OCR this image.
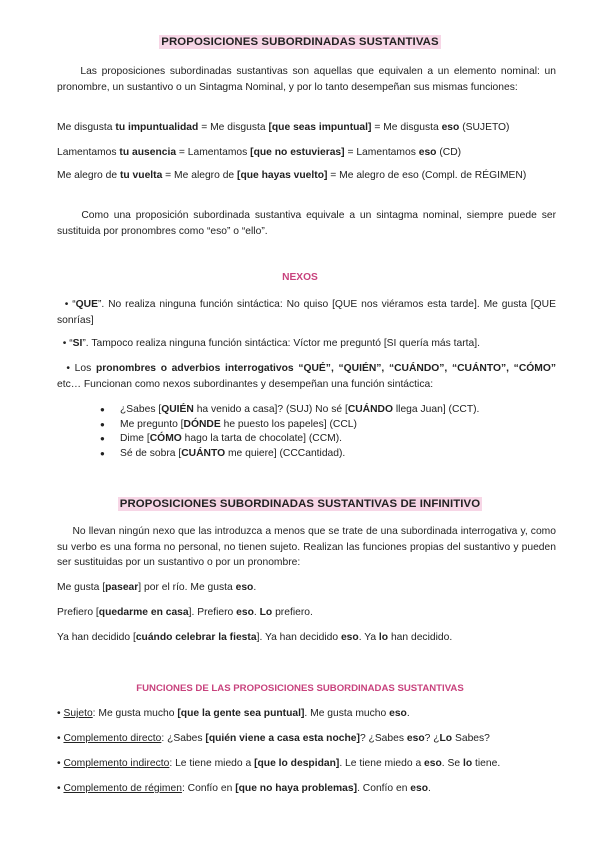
PROPOSICIONES SUBORDINADAS SUSTANTIVAS
Las proposiciones subordinadas sustantivas son aquellas que equivalen a un elemento nominal: un pronombre, un sustantivo o un Sintagma Nominal, y por lo tanto desempeñan sus mismas funciones:
Me disgusta tu impuntualidad = Me disgusta [que seas impuntual] = Me disgusta eso (SUJETO)
Lamentamos tu ausencia = Lamentamos [que no estuvieras] = Lamentamos eso (CD)
Me alegro de tu vuelta = Me alegro de [que hayas vuelto] = Me alegro de eso (Compl. de RÉGIMEN)
Como una proposición subordinada sustantiva equivale a un sintagma nominal, siempre puede ser sustituida por pronombres como “eso” o “ello”.
NEXOS
• “QUE”. No realiza ninguna función sintáctica: No quiso [QUE nos viéramos esta tarde]. Me gusta [QUE sonrías]
• “SI”. Tampoco realiza ninguna función sintáctica: Víctor me preguntó [SI quería más tarta].
• Los pronombres o adverbios interrogativos “QUÉ”, “QUIÉN”, “CUÁNDO”, “CUÁNTO”, “CÓMO” etc… Funcionan como nexos subordinantes y desempeñan una función sintáctica:
● ¿Sabes [QUIÉN ha venido a casa]? (SUJ) No sé [CUÁNDO llega Juan] (CCT).
● Me pregunto [DÓNDE he puesto los papeles] (CCL)
● Dime [CÓMO hago la tarta de chocolate] (CCM).
● Sé de sobra [CUÁNTO me quiere] (CCCantidad).
PROPOSICIONES SUBORDINADAS SUSTANTIVAS DE INFINITIVO
No llevan ningún nexo que las introduzca a menos que se trate de una subordinada interrogativa y, como su verbo es una forma no personal, no tienen sujeto. Realizan las funciones propias del sustantivo y pueden ser sustituidas por un sustantivo o por un pronombre:
Me gusta [pasear] por el río. Me gusta eso.
Prefiero [quedarme en casa]. Prefiero eso. Lo prefiero.
Ya han decidido [cuándo celebrar la fiesta]. Ya han decidido eso. Ya lo han decidido.
FUNCIONES DE LAS PROPOSICIONES SUBORDINADAS SUSTANTIVAS
• Sujeto: Me gusta mucho [que la gente sea puntual]. Me gusta mucho eso.
• Complemento directo: ¿Sabes [quién viene a casa esta noche]? ¿Sabes eso? ¿Lo Sabes?
• Complemento indirecto: Le tiene miedo a [que lo despidan]. Le tiene miedo a eso. Se lo tiene.
• Complemento de régimen: Confío en [que no haya problemas]. Confío en eso.
